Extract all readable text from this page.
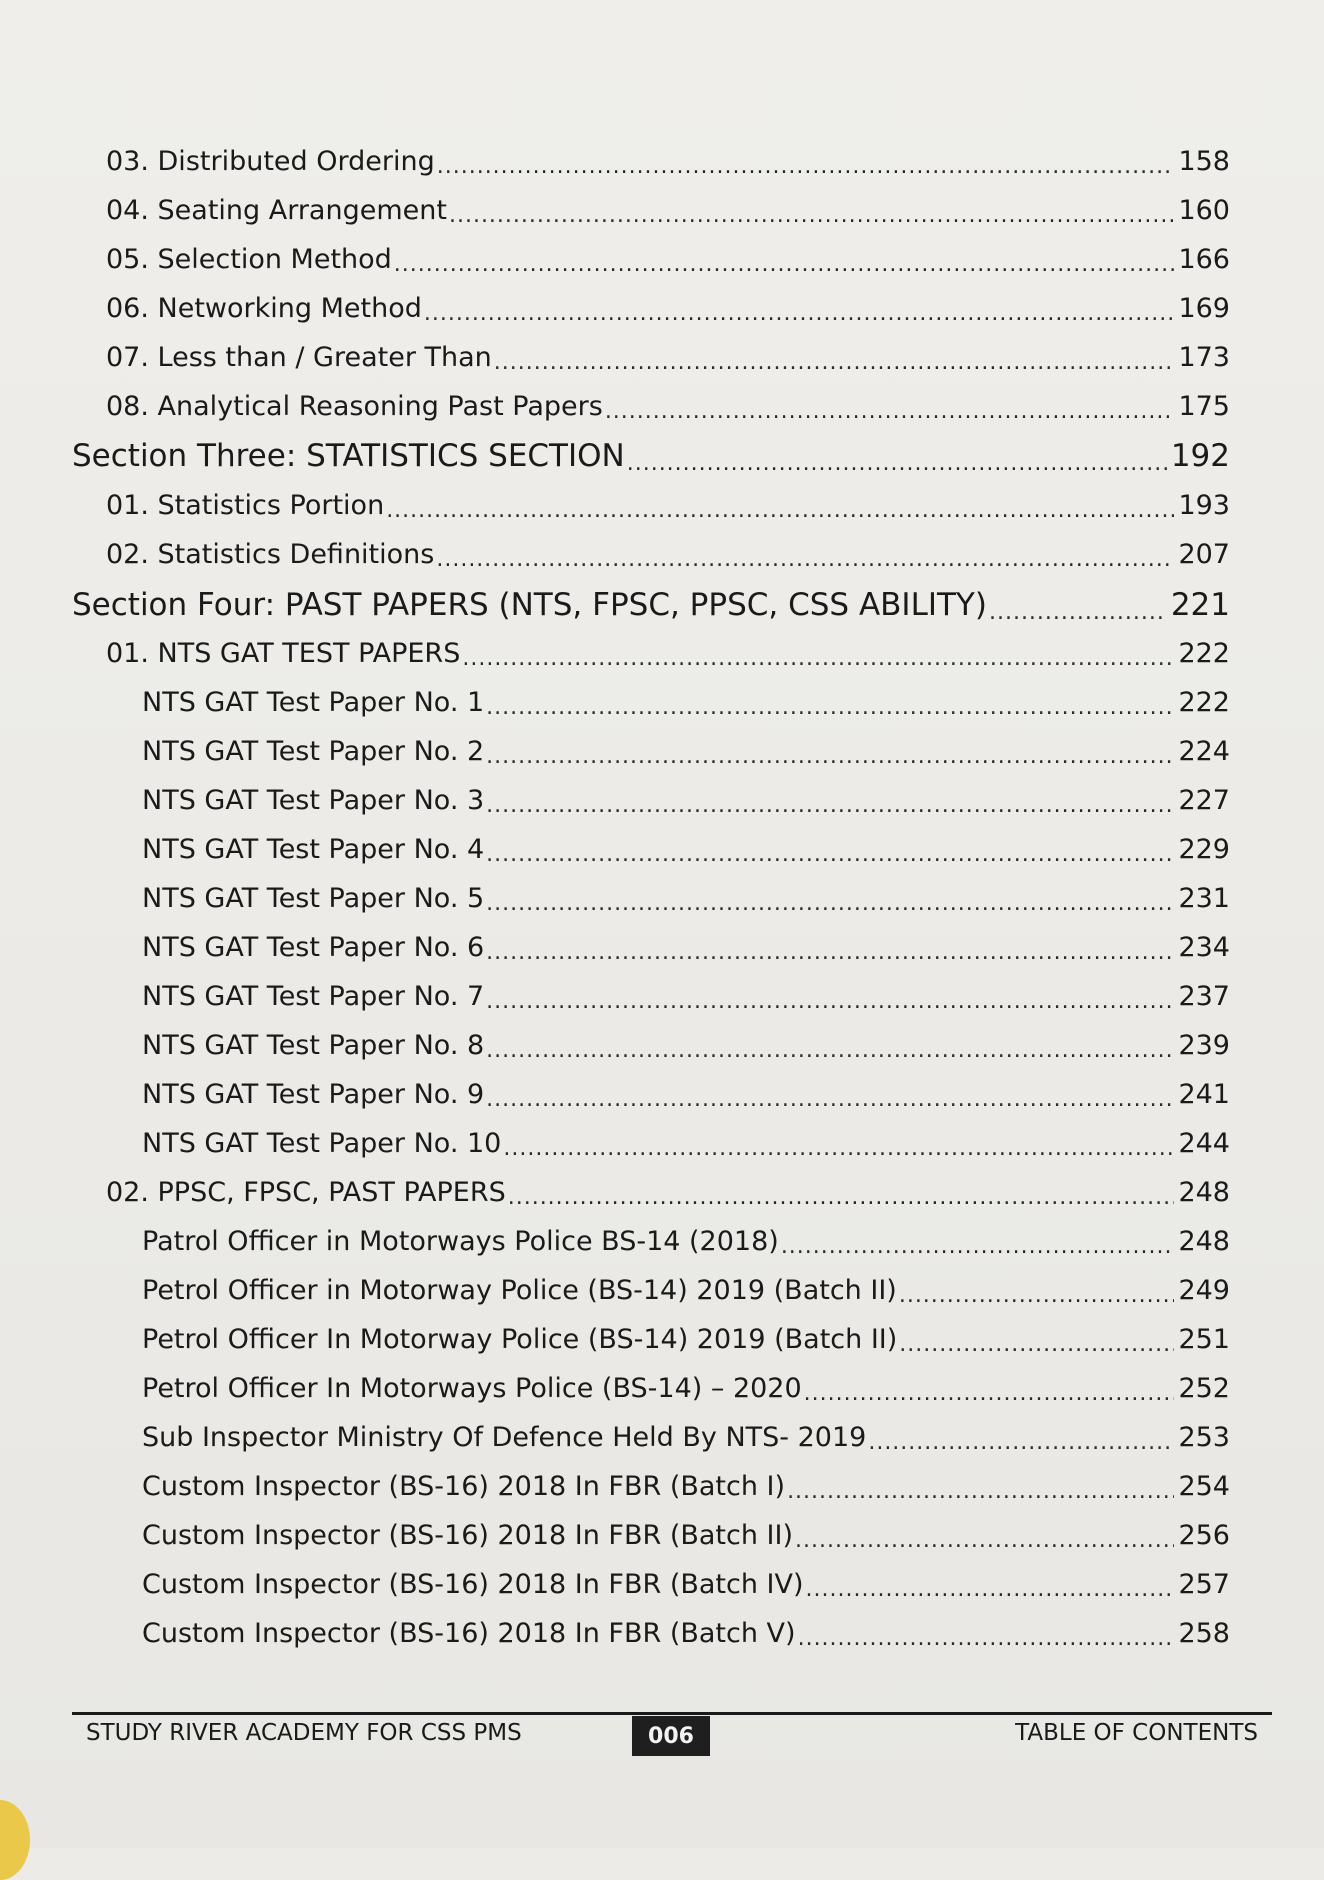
03. Distributed Ordering .....	158
04. Seating Arrangement .....	160
05. Selection Method .....	166
06. Networking Method .....	169
07. Less than / Greater Than .....	173
08. Analytical Reasoning Past Papers .....	175
Section Three: STATISTICS SECTION .....	192
01. Statistics Portion .....	193
02. Statistics Definitions .....	207
Section Four: PAST PAPERS (NTS, FPSC, PPSC, CSS ABILITY) .....	221
01. NTS GAT TEST PAPERS .....	222
NTS GAT Test Paper No. 1 .....	222
NTS GAT Test Paper No. 2 .....	224
NTS GAT Test Paper No. 3 .....	227
NTS GAT Test Paper No. 4 .....	229
NTS GAT Test Paper No. 5 .....	231
NTS GAT Test Paper No. 6 .....	234
NTS GAT Test Paper No. 7 .....	237
NTS GAT Test Paper No. 8 .....	239
NTS GAT Test Paper No. 9 .....	241
NTS GAT Test Paper No. 10 .....	244
02. PPSC, FPSC, PAST PAPERS .....	248
Patrol Officer in Motorways Police BS-14 (2018) .....	248
Petrol Officer in Motorway Police (BS-14) 2019 (Batch II) .....	249
Petrol Officer In Motorway Police (BS-14) 2019 (Batch II) .....	251
Petrol Officer In Motorways Police (BS-14) – 2020 .....	252
Sub Inspector Ministry Of Defence Held By NTS- 2019 .....	253
Custom Inspector (BS-16) 2018 In FBR (Batch I) .....	254
Custom Inspector (BS-16) 2018 In FBR (Batch II) .....	256
Custom Inspector (BS-16) 2018 In FBR (Batch IV) .....	257
Custom Inspector (BS-16) 2018 In FBR (Batch V) .....	258
STUDY RIVER ACADEMY FOR CSS PMS	006	TABLE OF CONTENTS
